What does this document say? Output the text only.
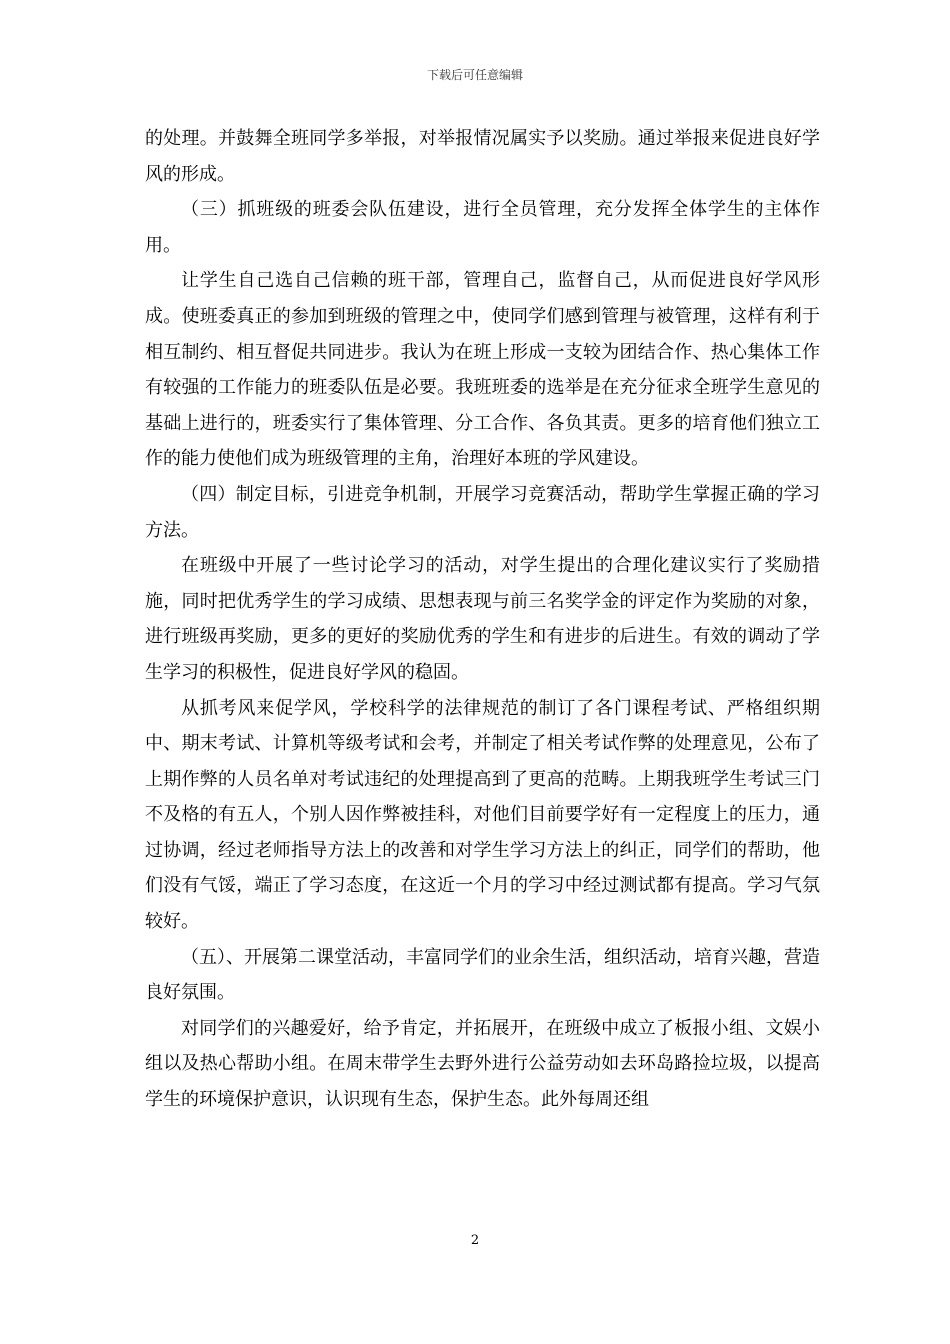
下载后可任意编辑

的处理。并鼓舞全班同学多举报，对举报情况属实予以奖励。通过举报来促进良好学风的形成。

（三）抓班级的班委会队伍建设，进行全员管理，充分发挥全体学生的主体作用。

让学生自己选自己信赖的班干部，管理自己，监督自己，从而促进良好学风形成。使班委真正的参加到班级的管理之中，使同学们感到管理与被管理，这样有利于相互制约、相互督促共同进步。我认为在班上形成一支较为团结合作、热心集体工作有较强的工作能力的班委队伍是必要。我班班委的选举是在充分征求全班学生意见的基础上进行的，班委实行了集体管理、分工合作、各负其责。更多的培育他们独立工作的能力使他们成为班级管理的主角，治理好本班的学风建设。

（四）制定目标，引进竞争机制，开展学习竞赛活动，帮助学生掌握正确的学习方法。

在班级中开展了一些讨论学习的活动，对学生提出的合理化建议实行了奖励措施，同时把优秀学生的学习成绩、思想表现与前三名奖学金的评定作为奖励的对象，进行班级再奖励，更多的更好的奖励优秀的学生和有进步的后进生。有效的调动了学生学习的积极性，促进良好学风的稳固。

从抓考风来促学风，学校科学的法律规范的制订了各门课程考试、严格组织期中、期末考试、计算机等级考试和会考，并制定了相关考试作弊的处理意见，公布了上期作弊的人员名单对考试违纪的处理提高到了更高的范畴。上期我班学生考试三门不及格的有五人，个别人因作弊被挂科，对他们目前要学好有一定程度上的压力，通过协调，经过老师指导方法上的改善和对学生学习方法上的纠正，同学们的帮助，他们没有气馁，端正了学习态度，在这近一个月的学习中经过测试都有提高。学习气氛较好。

（五）、开展第二课堂活动，丰富同学们的业余生活，组织活动，培育兴趣，营造良好氛围。

对同学们的兴趣爱好，给予肯定，并拓展开，在班级中成立了板报小组、文娱小组以及热心帮助小组。在周末带学生去野外进行公益劳动如去环岛路捡垃圾，以提高学生的环境保护意识，认识现有生态，保护生态。此外每周还组

2
